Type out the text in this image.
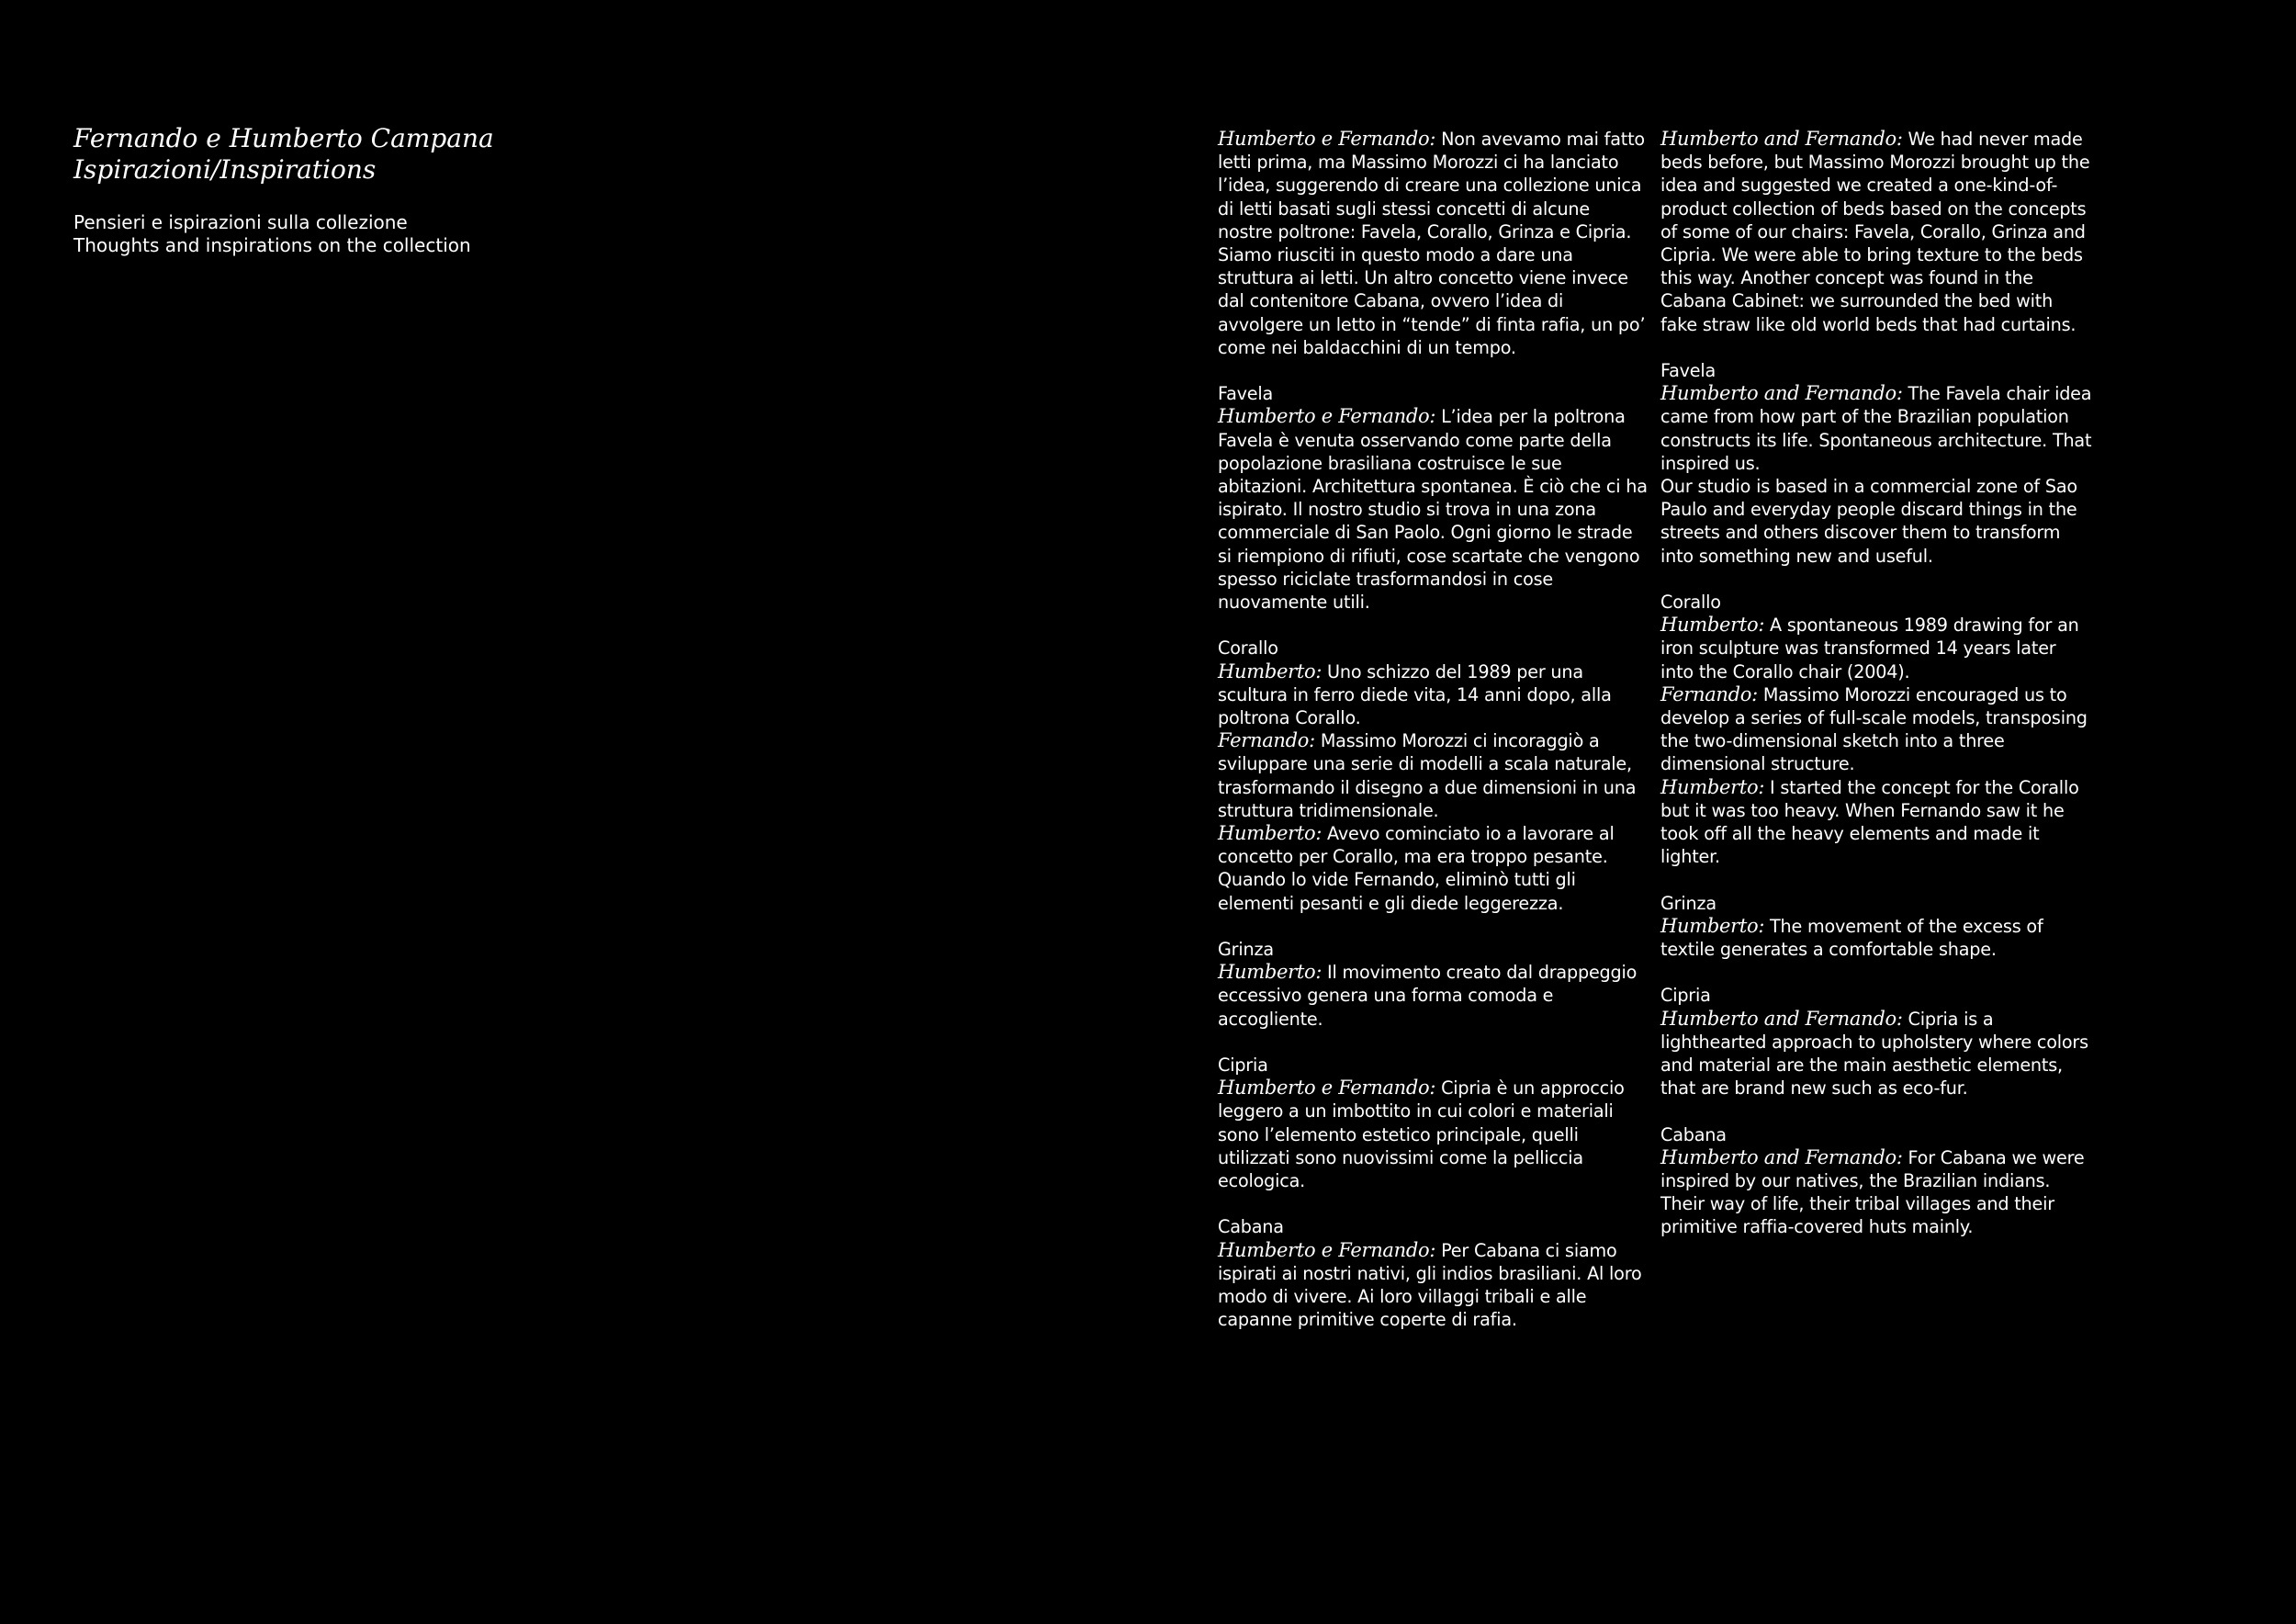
Fernando e Humberto Campana
Ispirazioni/Inspirations
Pensieri e ispirazioni sulla collezione
Thoughts and inspirations on the collection

Humberto e Fernando: Non avevamo mai fatto letti prima, ma Massimo Morozzi ci ha lanciato l’idea, suggerendo di creare una collezione unica di letti basati sugli stessi concetti di alcune nostre poltrone: Favela, Corallo, Grinza e Cipria. Siamo riusciti in questo modo a dare una struttura ai letti. Un altro concetto viene invece dal contenitore Cabana, ovvero l’idea di avvolgere un letto in “tende” di finta rafia, un po’ come nei baldacchini di un tempo.

Favela

Humberto e Fernando: L’idea per la poltrona Favela è venuta osservando come parte della popolazione brasiliana costruisce le sue abitazioni. Architettura spontanea. È ciò che ci ha ispirato. Il nostro studio si trova in una zona commerciale di San Paolo. Ogni giorno le strade si riempiono di rifiuti, cose scartate che vengono spesso riciclate trasformandosi in cose nuovamente utili.

Corallo

Humberto: Uno schizzo del 1989 per una scultura in ferro diede vita, 14 anni dopo, alla poltrona Corallo.

Fernando: Massimo Morozzi ci incoraggiò a sviluppare una serie di modelli a scala naturale, trasformando il disegno a due dimensioni in una struttura tridimensionale.

Humberto: Avevo cominciato io a lavorare al concetto per Corallo, ma era troppo pesante. Quando lo vide Fernando, eliminò tutti gli elementi pesanti e gli diede leggerezza.

Grinza

Humberto: Il movimento creato dal drappeggio eccessivo genera una forma comoda e accogliente.

Cipria

Humberto e Fernando: Cipria è un approccio leggero a un imbottito in cui colori e materiali sono l’elemento estetico principale, quelli utilizzati sono nuovissimi come la pelliccia ecologica.

Cabana

Humberto e Fernando: Per Cabana ci siamo ispirati ai nostri nativi, gli indios brasiliani. Al loro modo di vivere. Ai loro villaggi tribali e alle capanne primitive coperte di rafia.

Humberto and Fernando: We had never made beds before, but Massimo Morozzi brought up the idea and suggested we created a one-kind-of-product collection of beds based on the concepts of some of our chairs: Favela, Corallo, Grinza and Cipria. We were able to bring texture to the beds this way. Another concept was found in the Cabana Cabinet: we surrounded the bed with fake straw like old world beds that had curtains.

Favela

Humberto and Fernando: The Favela chair idea came from how part of the Brazilian population constructs its life. Spontaneous architecture. That inspired us.

Our studio is based in a commercial zone of Sao Paulo and everyday people discard things in the streets and others discover them to transform into something new and useful.

Corallo

Humberto: A spontaneous 1989 drawing for an iron sculpture was transformed 14 years later into the Corallo chair (2004).

Fernando: Massimo Morozzi encouraged us to develop a series of full-scale models, transposing the two-dimensional sketch into a three dimensional structure.

Humberto: I started the concept for the Corallo but it was too heavy. When Fernando saw it he took off all the heavy elements and made it lighter.

Grinza

Humberto: The movement of the excess of textile generates a comfortable shape.

Cipria

Humberto and Fernando: Cipria is a lighthearted approach to upholstery where colors and material are the main aesthetic elements, that are brand new such as eco-fur.

Cabana

Humberto and Fernando: For Cabana we were inspired by our natives, the Brazilian indians. Their way of life, their tribal villages and their primitive raffia-covered huts mainly.
